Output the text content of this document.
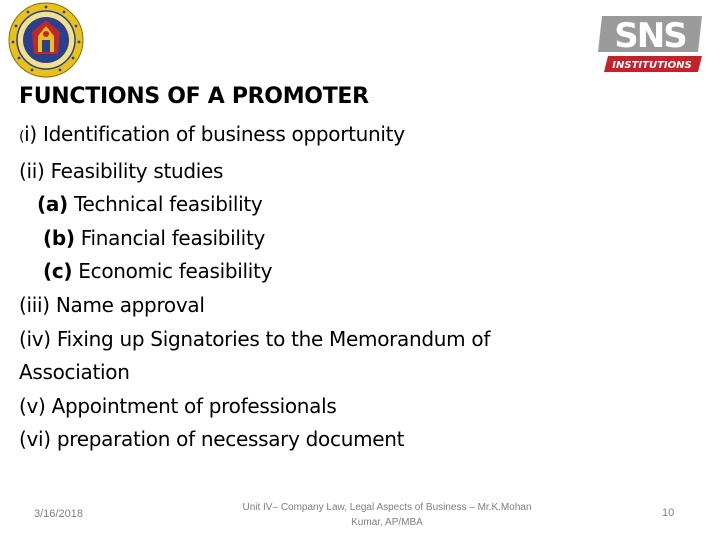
SNS
INSTITUTIONS
FUNCTIONS OF A PROMOTER
(i) Identification of business opportunity
(ii) Feasibility studies
(a) Technical feasibility
(b) Financial feasibility
(c) Economic feasibility
(iii) Name approval
(iv) Fixing up Signatories to the Memorandum of
Association
(v) Appointment of professionals
(vi) preparation of necessary document
3/16/2018
Unit IV– Company Law, Legal Aspects of Business – Mr.K.Mohan
Kumar, AP/MBA
10
